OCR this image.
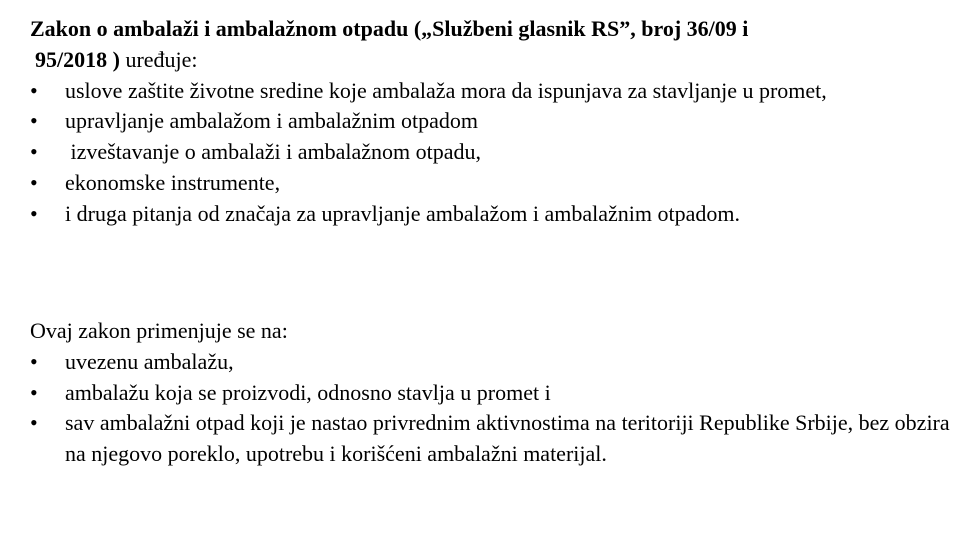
Zakon o ambalaži i ambalažnom otpadu („Službeni glasnik RS”, broj 36/09 i
95/2018 ) uređuje:
• uslove zaštite životne sredine koje ambalaža mora da ispunjava za stavljanje u promet,
• upravljanje ambalažom i ambalažnim otpadom
• izveštavanje o ambalaži i ambalažnom otpadu,
• ekonomske instrumente,
• i druga pitanja od značaja za upravljanje ambalažom i ambalažnim otpadom.
Ovaj zakon primenjuje se na:
• uvezenu ambalažu,
• ambalažu koja se proizvodi, odnosno stavlja u promet i
• sav ambalažni otpad koji je nastao privrednim aktivnostima na teritoriji Republike Srbije, bez obzira na njegovo poreklo, upotrebu i korišćeni ambalažni materijal.
